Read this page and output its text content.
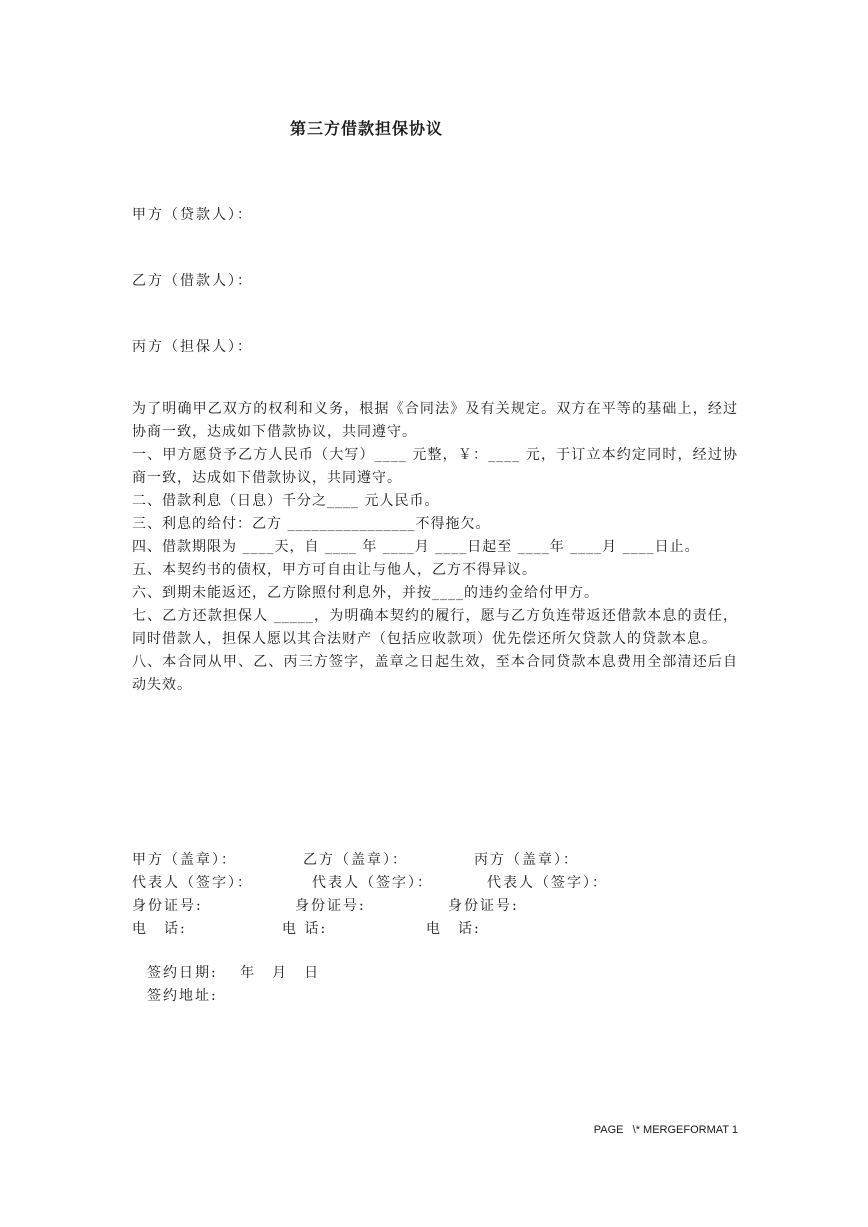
第三方借款担保协议
甲方（贷款人）：
乙方（借款人）：
丙方（担保人）：

为了明确甲乙双方的权利和义务，根据《合同法》及有关规定。双方在平等的基础上，经过协商一致，达成如下借款协议，共同遵守。

一、甲方愿贷予乙方人民币（大写）____ 元整，￥：____ 元，于订立本约定同时，经过协商一致，达成如下借款协议，共同遵守。

二、借款利息（日息）千分之____ 元人民币。

三、利息的给付：乙方 ________________不得拖欠。

四、借款期限为 ____天，自 ____ 年 ____月 ____日起至 ____年 ____月 ____日止。

五、本契约书的债权，甲方可自由让与他人，乙方不得异议。

六、到期未能返还，乙方除照付利息外，并按____的违约金给付甲方。

七、乙方还款担保人 _____，为明确本契约的履行，愿与乙方负连带返还借款本息的责任，同时借款人，担保人愿以其合法财产（包括应收款项）优先偿还所欠贷款人的贷款本息。

八、本合同从甲、乙、丙三方签字，盖章之日起生效，至本合同贷款本息费用全部清还后自动失效。

甲方（盖章）：	乙方（盖章）：	丙方（盖章）：
代表人（签字）：	代表人（签字）：	代表人（签字）：
身份证号:	身份证号:	身份证号:
电　话:	电 话:	电　话:
签约日期:　 年　月　日
签约地址:
PAGE   \* MERGEFORMAT 1
